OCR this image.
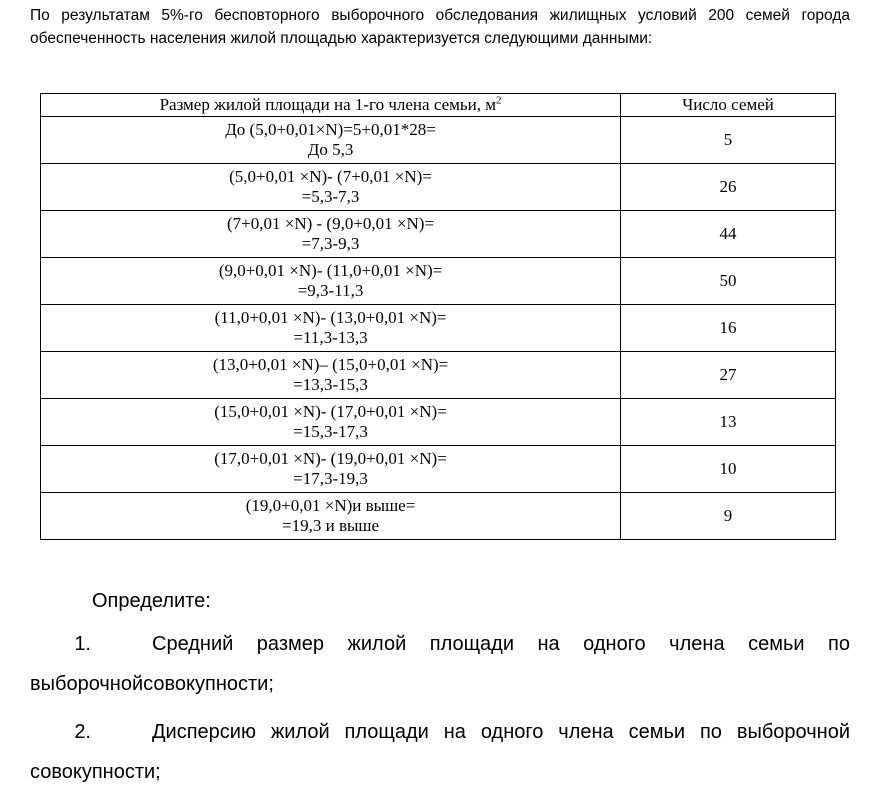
По результатам 5%-го бесповторного выборочного обследования жилищных условий 200 семей города обеспеченность населения жилой площадью характеризуется следующими данными:
Размер жилой площади на 1-го члена семьи, $м^2$	Число семей

До (5,0+0,01×N)=5+0,01*28=
До 5,3	5

(5,0+0,01 ×N)- (7+0,01 ×N)=
=5,3-7,3	26

(7+0,01 ×N) - (9,0+0,01 ×N)=
=7,3-9,3	44

(9,0+0,01 ×N)- (11,0+0,01 ×N)=
=9,3-11,3	50

(11,0+0,01 ×N)- (13,0+0,01 ×N)=
=11,3-13,3	16

(13,0+0,01 ×N)– (15,0+0,01 ×N)=
=13,3-15,3	27

(15,0+0,01 ×N)- (17,0+0,01 ×N)=
=15,3-17,3	13

(17,0+0,01 ×N)- (19,0+0,01 ×N)=
=17,3-19,3	10

(19,0+0,01 ×N)и выше=
=19,3 и выше	9
Определите:
1.	Средний размер жилой площади на одного члена семьи по
выборочнойсовокупности;
2.	Дисперсию жилой площади на одного члена семьи по выборочной
совокупности;
